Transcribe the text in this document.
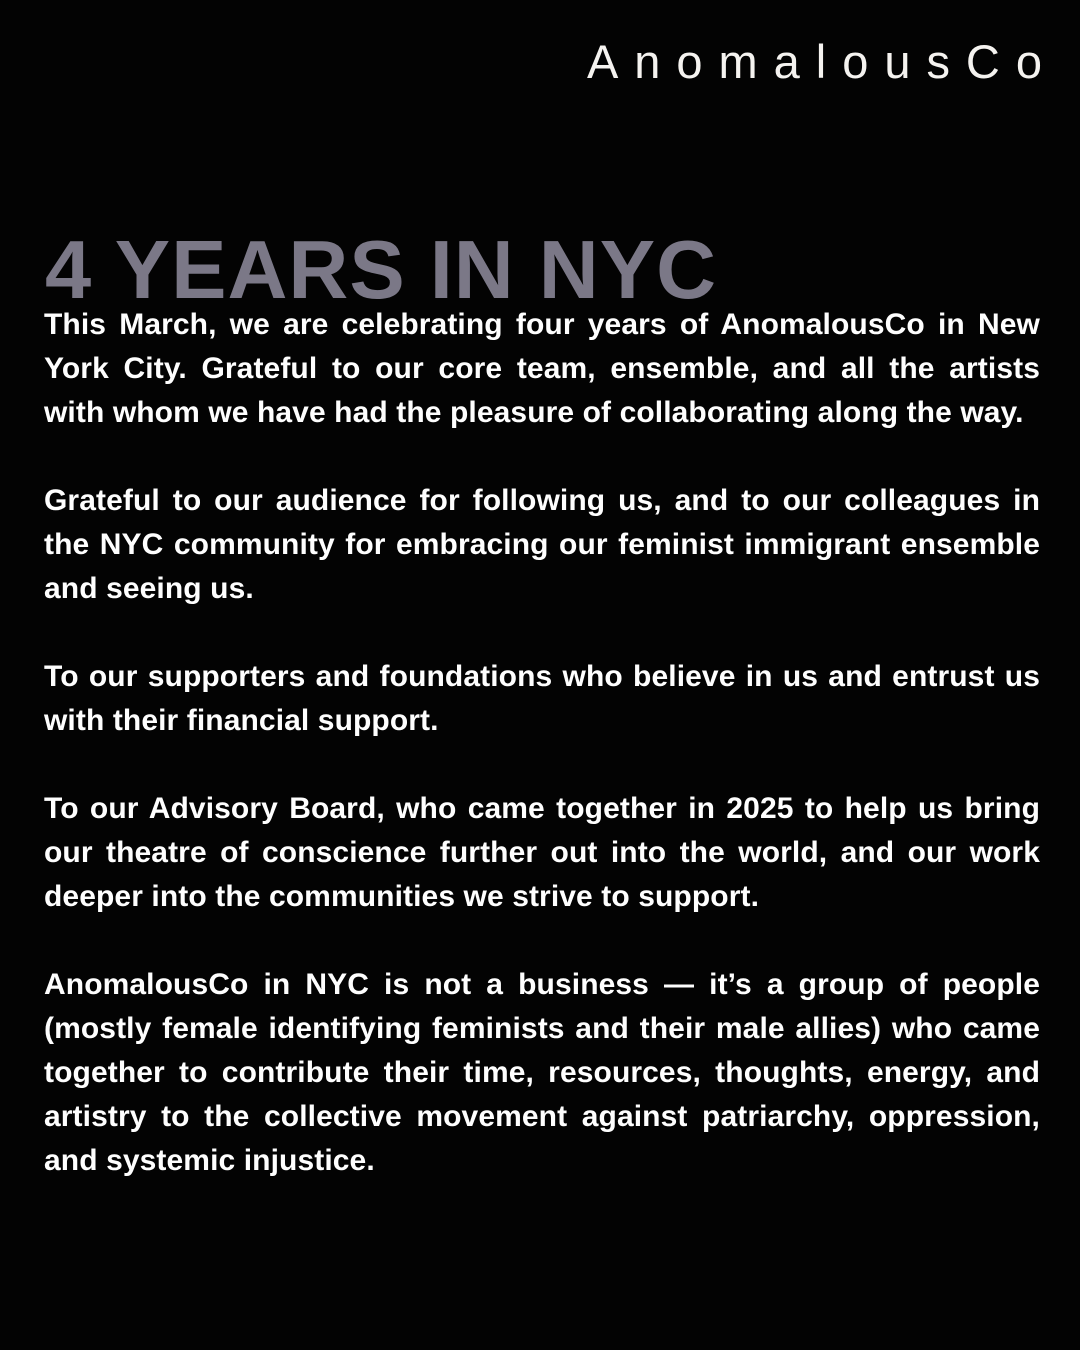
AnomalousCo
4 YEARS IN NYC

This March, we are celebrating four years of AnomalousCo in New York City. Grateful to our core team, ensemble, and all the artists with whom we have had the pleasure of collaborating along the way.

Grateful to our audience for following us, and to our colleagues in the NYC community for embracing our feminist immigrant ensemble and seeing us.

To our supporters and foundations who believe in us and entrust us with their financial support.

To our Advisory Board, who came together in 2025 to help us bring our theatre of conscience further out into the world, and our work deeper into the communities we strive to support.

AnomalousCo in NYC is not a business — it’s a group of people (mostly female identifying feminists and their male allies) who came together to contribute their time, resources, thoughts, energy, and artistry to the collective movement against patriarchy, oppression, and systemic injustice.
